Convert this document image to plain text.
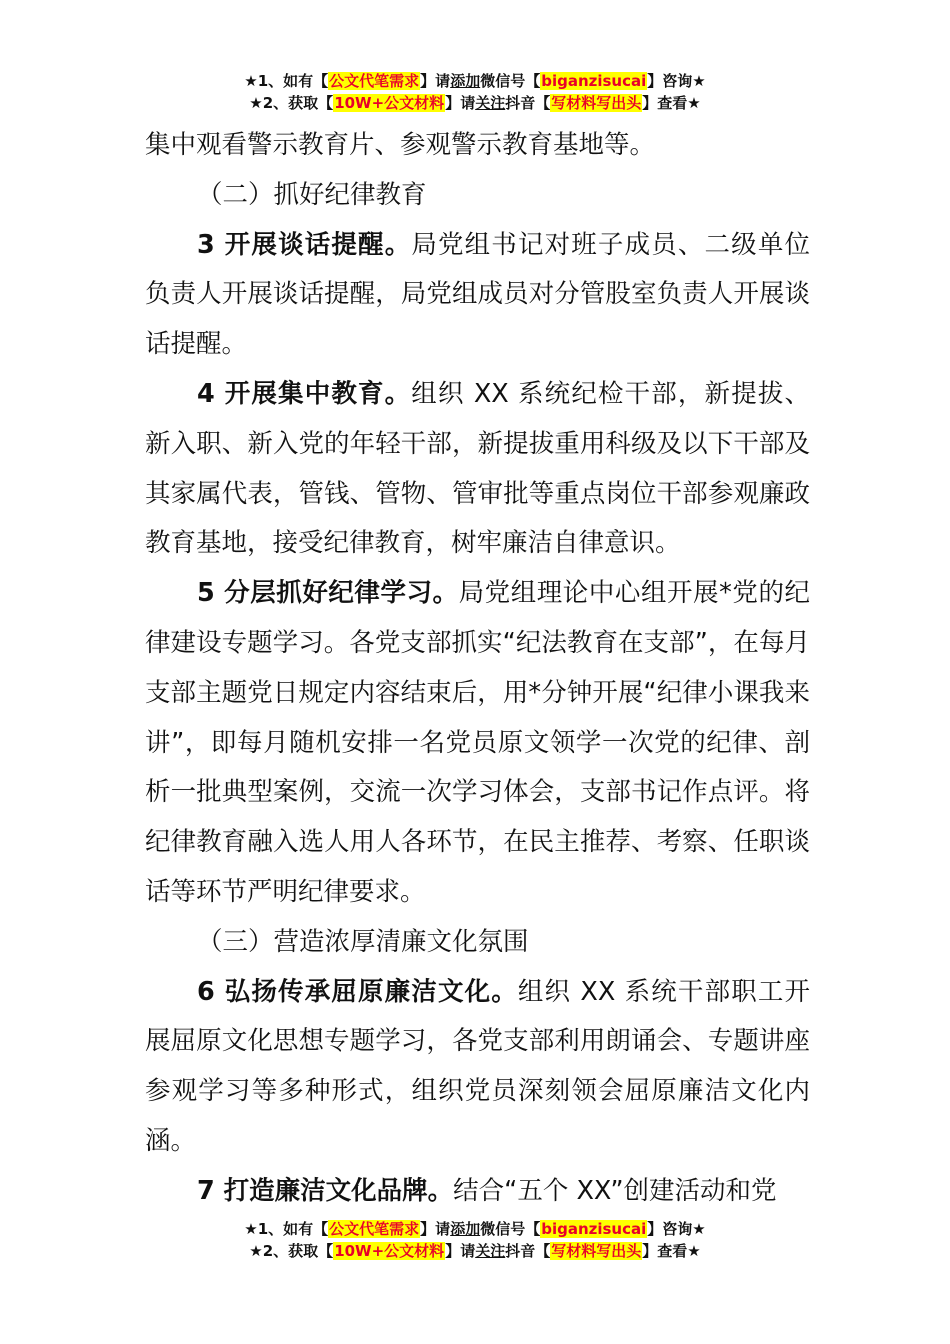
★1、如有【公文代笔需求】请添加微信号【biganzisucai】咨询★
★2、获取【10W+公文材料】请关注抖音【写材料写出头】查看★

集中观看警示教育片、参观警示教育基地等。

（二）抓好纪律教育

3 开展谈话提醒。局党组书记对班子成员、二级单位负责人开展谈话提醒，局党组成员对分管股室负责人开展谈话提醒。

4 开展集中教育。组织 XX 系统纪检干部，新提拔、新入职、新入党的年轻干部，新提拔重用科级及以下干部及其家属代表，管钱、管物、管审批等重点岗位干部参观廉政教育基地，接受纪律教育，树牢廉洁自律意识。

5 分层抓好纪律学习。局党组理论中心组开展*党的纪律建设专题学习。各党支部抓实“纪法教育在支部”，在每月支部主题党日规定内容结束后，用*分钟开展“纪律小课我来讲”，即每月随机安排一名党员原文领学一次党的纪律、剖析一批典型案例，交流一次学习体会，支部书记作点评。将纪律教育融入选人用人各环节，在民主推荐、考察、任职谈话等环节严明纪律要求。

（三）营造浓厚清廉文化氛围

6 弘扬传承屈原廉洁文化。组织 XX 系统干部职工开展屈原文化思想专题学习，各党支部利用朗诵会、专题讲座参观学习等多种形式，组织党员深刻领会屈原廉洁文化内涵。

7 打造廉洁文化品牌。结合“五个 XX”创建活动和党

★1、如有【公文代笔需求】请添加微信号【biganzisucai】咨询★
★2、获取【10W+公文材料】请关注抖音【写材料写出头】查看★
